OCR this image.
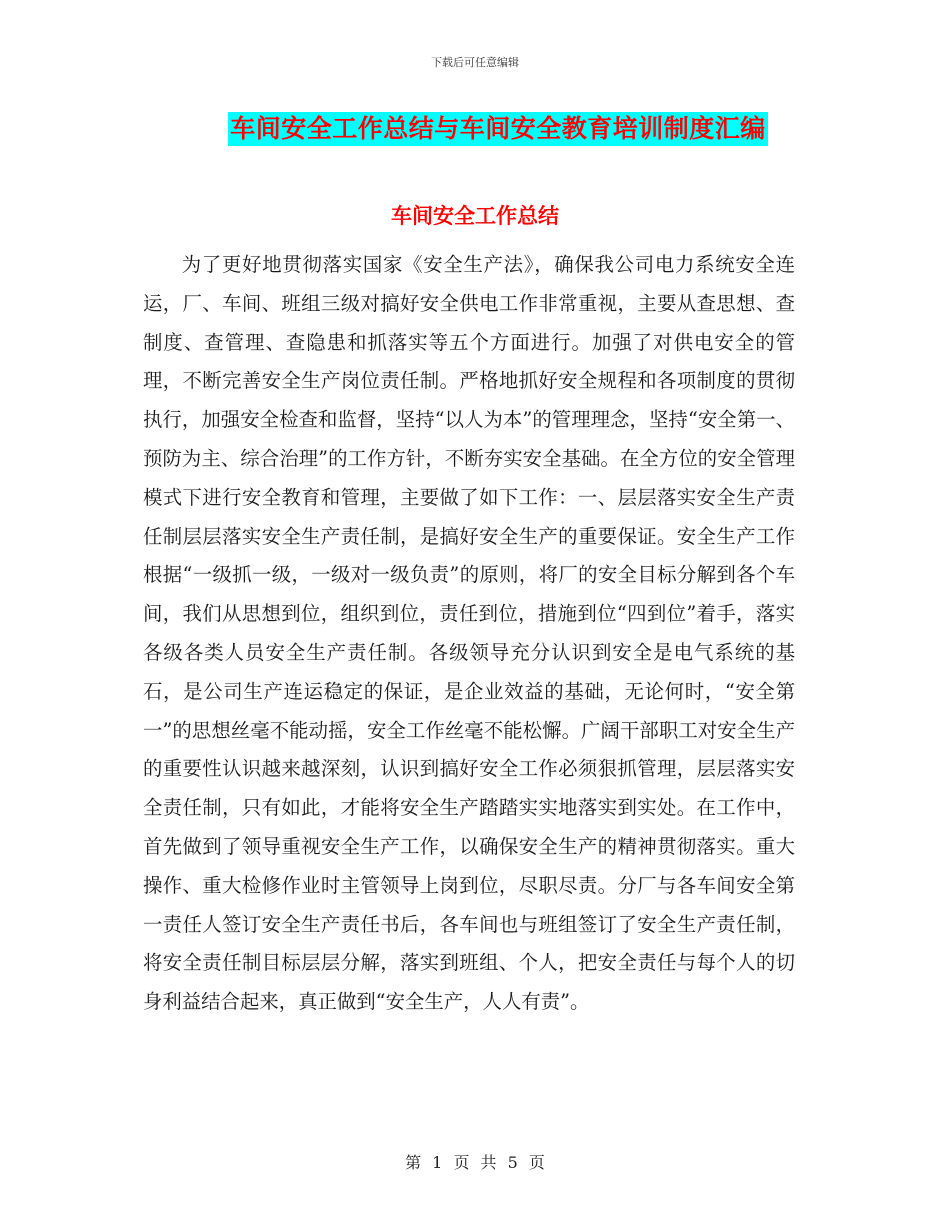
下载后可任意编辑
车间安全工作总结与车间安全教育培训制度汇编
车间安全工作总结

为了更好地贯彻落实国家《安全生产法》，确保我公司电力系统安全连运，厂、车间、班组三级对搞好安全供电工作非常重视，主要从查思想、查制度、查管理、查隐患和抓落实等五个方面进行。加强了对供电安全的管理，不断完善安全生产岗位责任制。严格地抓好安全规程和各项制度的贯彻执行，加强安全检查和监督，坚持“以人为本”的管理理念，坚持“安全第一、预防为主、综合治理”的工作方针，不断夯实安全基础。在全方位的安全管理模式下进行安全教育和管理，主要做了如下工作：一、层层落实安全生产责任制层层落实安全生产责任制，是搞好安全生产的重要保证。安全生产工作根据“一级抓一级，一级对一级负责”的原则，将厂的安全目标分解到各个车间，我们从思想到位，组织到位，责任到位，措施到位“四到位”着手，落实各级各类人员安全生产责任制。各级领导充分认识到安全是电气系统的基石，是公司生产连运稳定的保证，是企业效益的基础，无论何时，“安全第一”的思想丝毫不能动摇，安全工作丝毫不能松懈。广阔干部职工对安全生产的重要性认识越来越深刻，认识到搞好安全工作必须狠抓管理，层层落实安全责任制，只有如此，才能将安全生产踏踏实实地落实到实处。在工作中，首先做到了领导重视安全生产工作，以确保安全生产的精神贯彻落实。重大操作、重大检修作业时主管领导上岗到位，尽职尽责。分厂与各车间安全第一责任人签订安全生产责任书后，各车间也与班组签订了安全生产责任制，将安全责任制目标层层分解，落实到班组、个人，把安全责任与每个人的切身利益结合起来，真正做到“安全生产，人人有责”。

第 1 页 共 5 页
